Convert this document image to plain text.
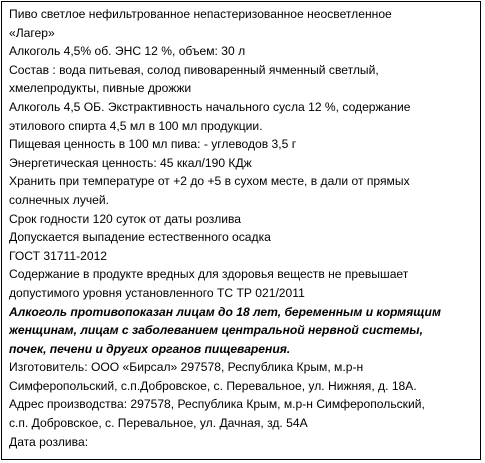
Пиво светлое нефильтрованное непастеризованное неосветленное
«Лагер»
Алкоголь 4,5% об. ЭНС 12 %, объем: 30 л
Состав : вода питьевая, солод пивоваренный ячменный светлый,
хмелепродукты, пивные дрожжи
Алкоголь 4,5 ОБ. Экстрактивность начального сусла 12 %, содержание
этилового спирта 4,5 мл в 100 мл продукции.
Пищевая ценность в 100 мл пива: - углеводов 3,5 г
Энергетическая ценность: 45 ккал/190 КДж
Хранить при температуре от +2 до +5 в сухом месте, в дали от прямых
солнечных лучей.
Срок годности 120 суток от даты розлива
Допускается выпадение естественного осадка
ГОСТ 31711-2012
Содержание в продукте вредных для здоровья веществ не превышает
допустимого уровня установленного ТС ТР 021/2011
Алкоголь противопоказан лицам до 18 лет, беременным и кормящим
женщинам, лицам с заболеванием центральной нервной системы,
почек, печени и других органов пищеварения.
Изготовитель: ООО «Бирсал» 297578, Республика Крым, м.р-н
Симферопольский, с.п.Добровское, с. Перевальное, ул. Нижняя, д. 18А.
Адрес производства: 297578, Республика Крым, м.р-н Симферопольский,
с.п. Добровское, с. Перевальное, ул. Дачная, зд. 54А
Дата розлива:
